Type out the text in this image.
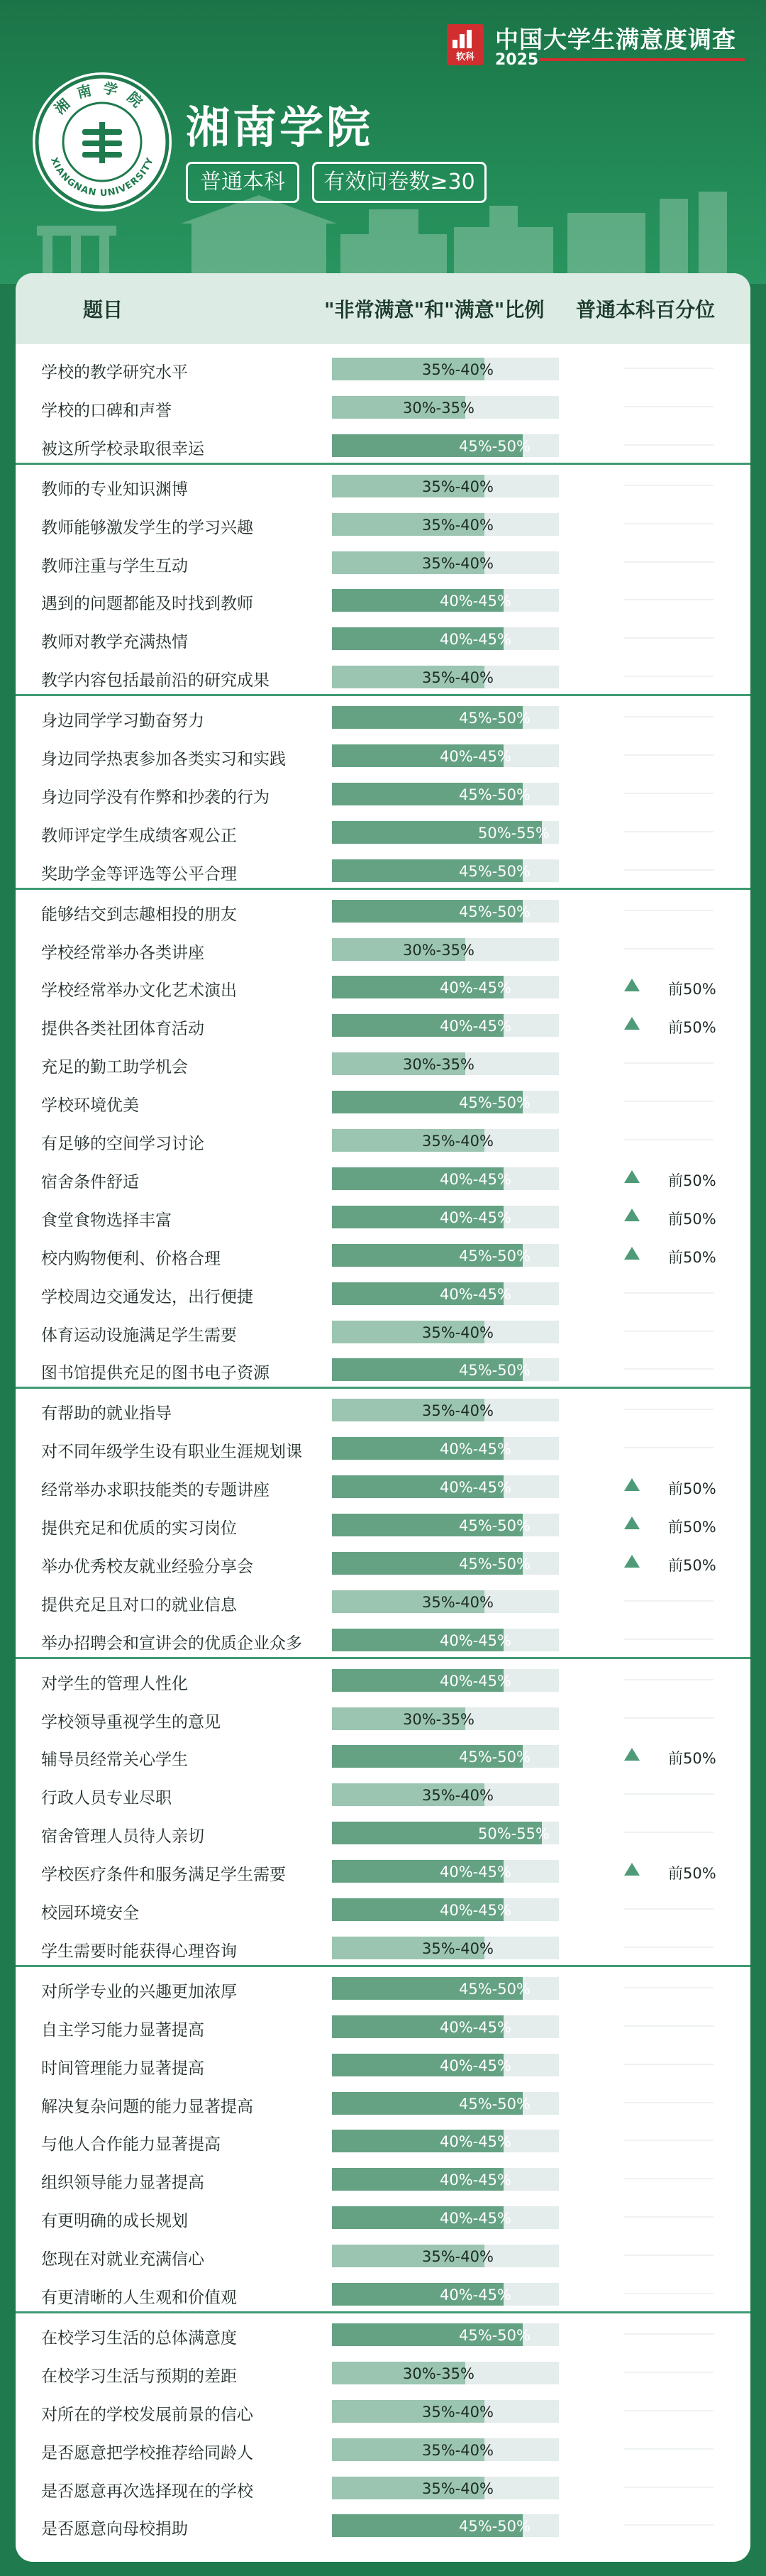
软科
中国大学生满意度调查
2025
湘南学院
XIANGNAN UNIVERSITY
湘南学院
普通本科	有效问卷数≥30
题目	"非常满意"和"满意"比例 普通本科百分位
学校的教学研究水平	35%-40%
学校的口碑和声誉	30%-35%
被这所学校录取很幸运	45%-50%
教师的专业知识渊博	35%-40%
教师能够激发学生的学习兴趣	35%-40%
教师注重与学生互动	35%-40%
遇到的问题都能及时找到教师	40%-45%
教师对教学充满热情	40%-45%
教学内容包括最前沿的研究成果	35%-40%
身边同学学习勤奋努力	45%-50%
身边同学热衷参加各类实习和实践	40%-45%
身边同学没有作弊和抄袭的行为	45%-50%
教师评定学生成绩客观公正	50%-55%
奖助学金等评选等公平合理	45%-50%
能够结交到志趣相投的朋友	45%-50%
学校经常举办各类讲座	30%-35%
学校经常举办文化艺术演出	40%-45%	前50%
提供各类社团体育活动	40%-45%	前50%
充足的勤工助学机会	30%-35%
学校环境优美	45%-50%
有足够的空间学习讨论	35%-40%
宿舍条件舒适	40%-45%	前50%
食堂食物选择丰富	40%-45%	前50%
校内购物便利、价格合理	45%-50%	前50%
学校周边交通发达，出行便捷	40%-45%
体育运动设施满足学生需要	35%-40%
图书馆提供充足的图书电子资源	45%-50%
有帮助的就业指导	35%-40%
对不同年级学生设有职业生涯规划课	40%-45%
经常举办求职技能类的专题讲座	40%-45%	前50%
提供充足和优质的实习岗位	45%-50%	前50%
举办优秀校友就业经验分享会	45%-50%	前50%
提供充足且对口的就业信息	35%-40%
举办招聘会和宣讲会的优质企业众多	40%-45%
对学生的管理人性化	40%-45%
学校领导重视学生的意见	30%-35%
辅导员经常关心学生	45%-50%	前50%
行政人员专业尽职	35%-40%
宿舍管理人员待人亲切	50%-55%
学校医疗条件和服务满足学生需要	40%-45%	前50%
校园环境安全	40%-45%
学生需要时能获得心理咨询	35%-40%
对所学专业的兴趣更加浓厚	45%-50%
自主学习能力显著提高	40%-45%
时间管理能力显著提高	40%-45%
解决复杂问题的能力显著提高	45%-50%
与他人合作能力显著提高	40%-45%
组织领导能力显著提高	40%-45%
有更明确的成长规划	40%-45%
您现在对就业充满信心	35%-40%
有更清晰的人生观和价值观	40%-45%
在校学习生活的总体满意度	45%-50%
在校学习生活与预期的差距	30%-35%
对所在的学校发展前景的信心	35%-40%
是否愿意把学校推荐给同龄人	35%-40%
是否愿意再次选择现在的学校	35%-40%
是否愿意向母校捐助	45%-50%
